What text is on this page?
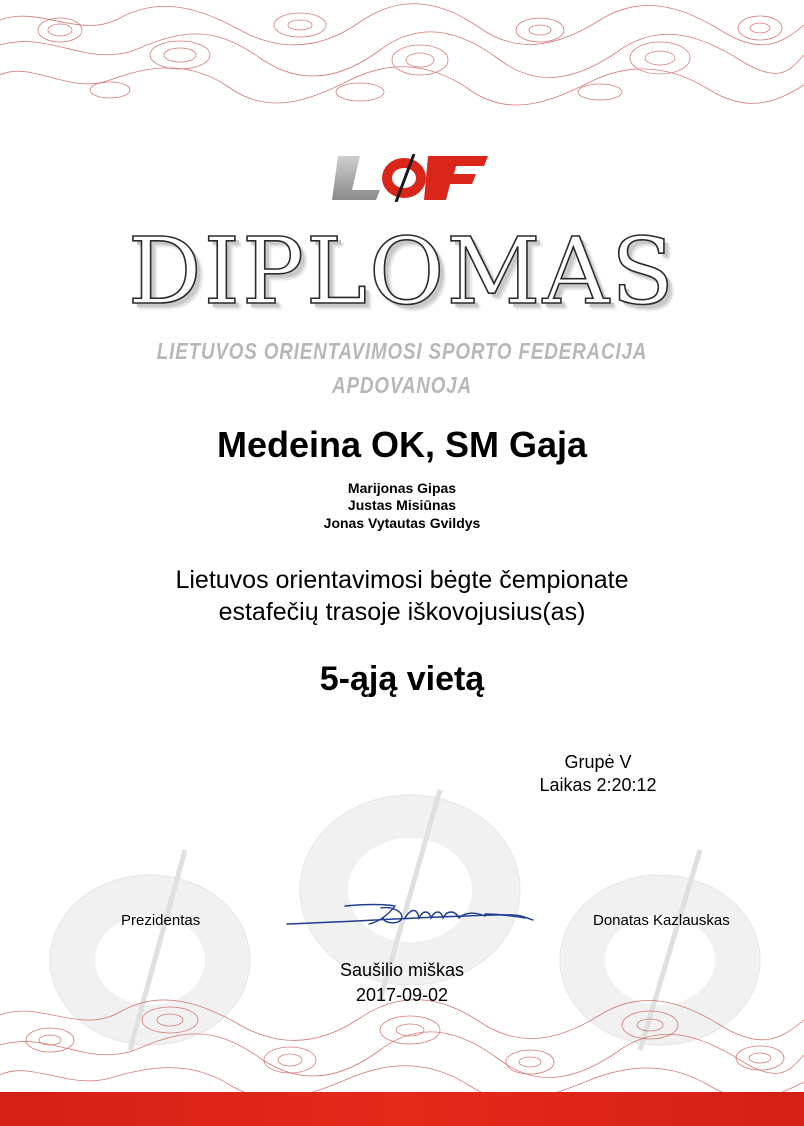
DIPLOMAS
LIETUVOS ORIENTAVIMOSI SPORTO FEDERACIJA
APDOVANOJA
Medeina OK, SM Gaja
Marijonas Gipas
Justas Misiūnas
Jonas Vytautas Gvildys
Lietuvos orientavimosi bėgte čempionate
estafečių trasoje iškovojusius(as)
5-ąją vietą
Grupė V
Laikas 2:20:12
Prezidentas	Donatas Kazlauskas
Saušilio miškas
2017-09-02
